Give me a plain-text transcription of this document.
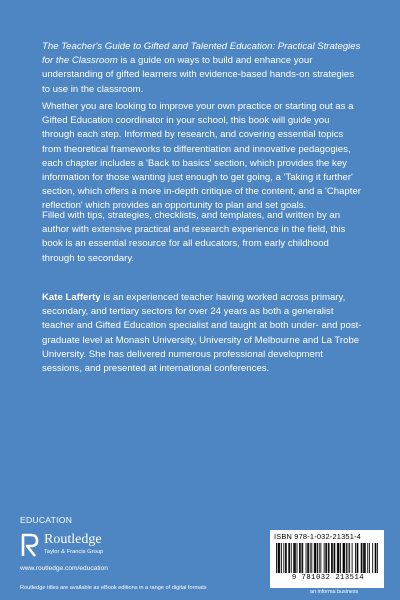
The Teacher's Guide to Gifted and Talented Education: Practical Strategies for the Classroom is a guide on ways to build and enhance your understanding of gifted learners with evidence-based hands-on strategies to use in the classroom.

Whether you are looking to improve your own practice or starting out as a Gifted Education coordinator in your school, this book will guide you through each step. Informed by research, and covering essential topics from theoretical frameworks to differentiation and innovative pedagogies, each chapter includes a 'Back to basics' section, which provides the key information for those wanting just enough to get going, a 'Taking it further' section, which offers a more in-depth critique of the content, and a 'Chapter reflection' which provides an opportunity to plan and set goals.

Filled with tips, strategies, checklists, and templates, and written by an author with extensive practical and research experience in the field, this book is an essential resource for all educators, from early childhood through to secondary.

Kate Lafferty is an experienced teacher having worked across primary, secondary, and tertiary sectors for over 24 years as both a generalist teacher and Gifted Education specialist and taught at both under- and post-graduate level at Monash University, University of Melbourne and La Trobe University. She has delivered numerous professional development sessions, and presented at international conferences.

EDUCATION
Routledge
Taylor & Francis Group
www.routledge.com/education
Routledge titles are available as eBook editions in a range of digital formats
ISBN 978-1-032-21351-4
9 781032 213514
an informa business
